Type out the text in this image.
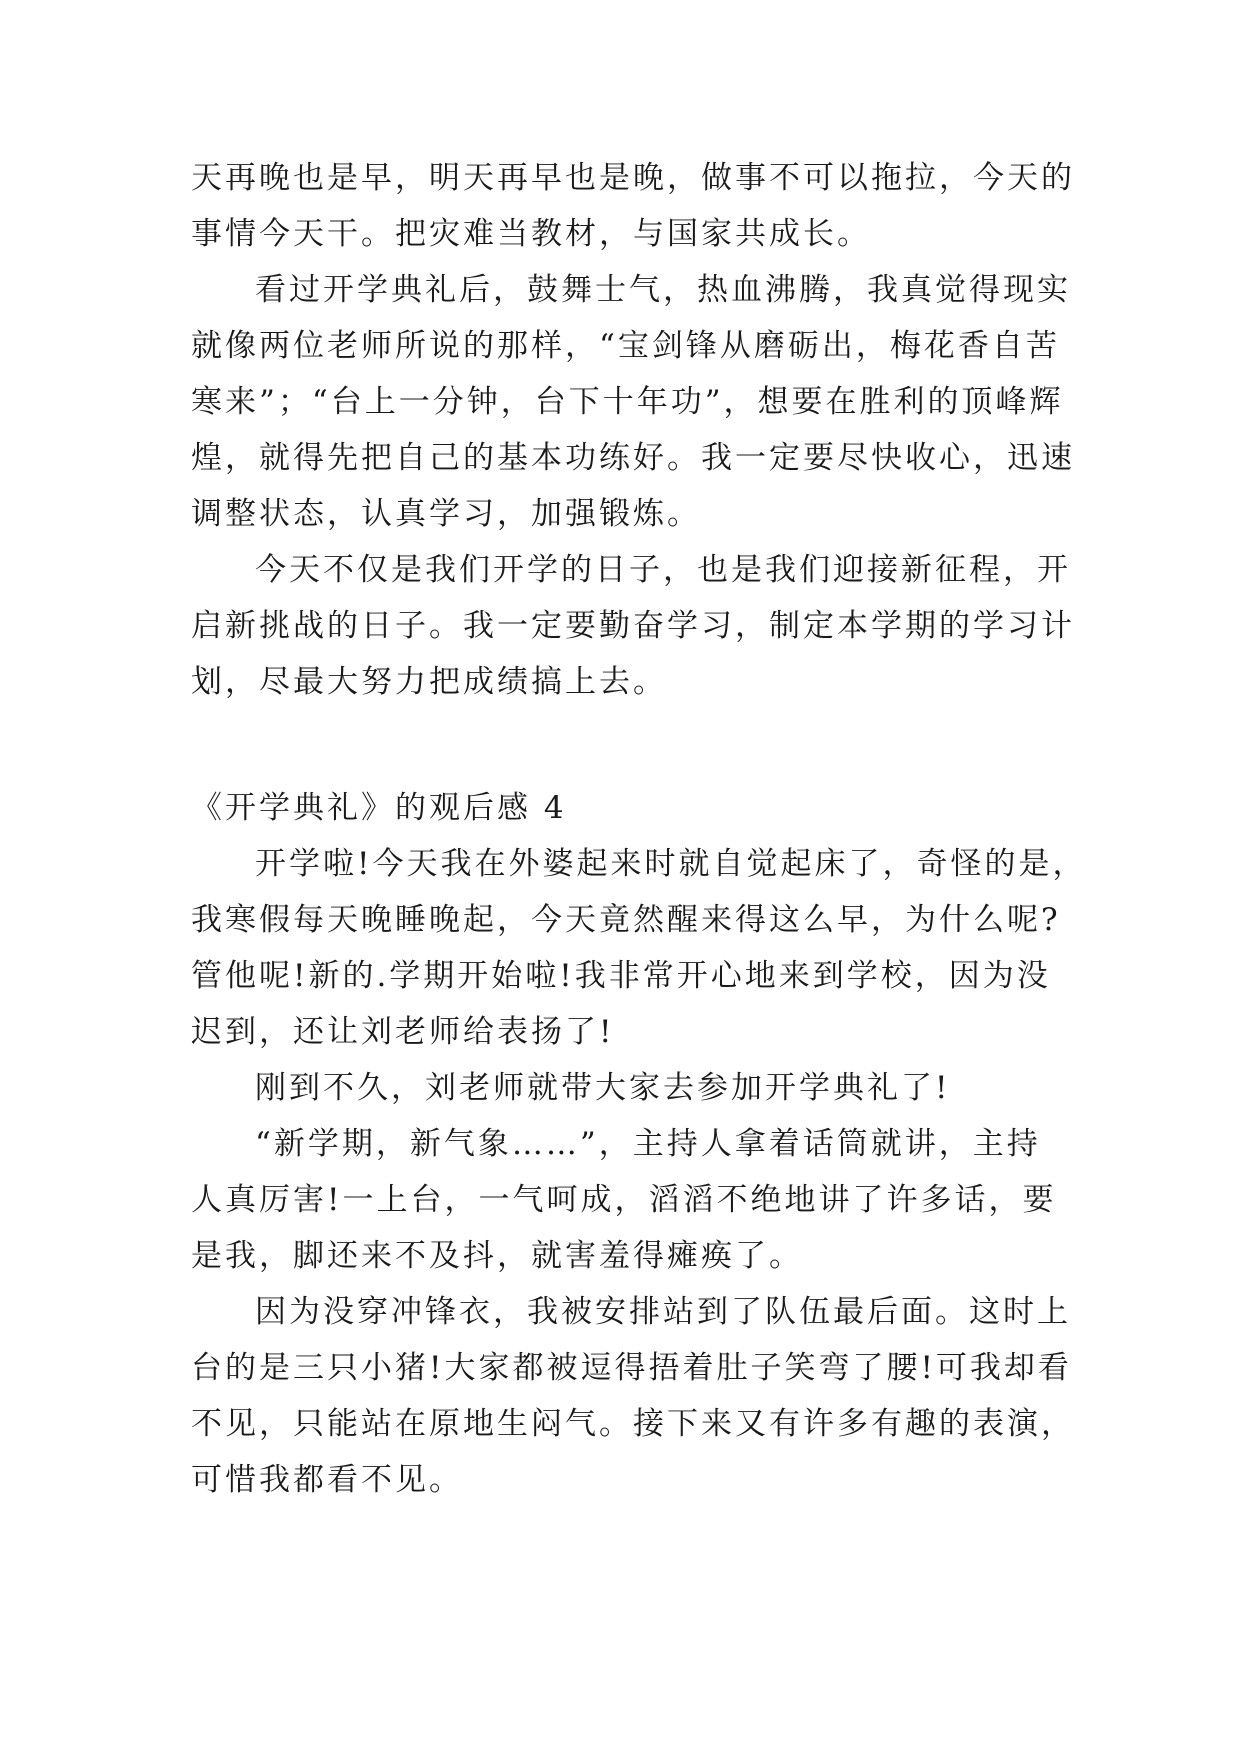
天再晚也是早，明天再早也是晚，做事不可以拖拉，今天的

事情今天干。把灾难当教材，与国家共成长。

看过开学典礼后，鼓舞士气，热血沸腾，我真觉得现实

就像两位老师所说的那样，“宝剑锋从磨砺出，梅花香自苦

寒来”；“台上一分钟，台下十年功”，想要在胜利的顶峰辉

煌，就得先把自己的基本功练好。我一定要尽快收心，迅速

调整状态，认真学习，加强锻炼。

今天不仅是我们开学的日子，也是我们迎接新征程，开

启新挑战的日子。我一定要勤奋学习，制定本学期的学习计

划，尽最大努力把成绩搞上去。

《开学典礼》的观后感 4

开学啦!今天我在外婆起来时就自觉起床了，奇怪的是，

我寒假每天晚睡晚起，今天竟然醒来得这么早，为什么呢?

管他呢!新的.学期开始啦!我非常开心地来到学校，因为没

迟到，还让刘老师给表扬了!

刚到不久，刘老师就带大家去参加开学典礼了!

“新学期，新气象……”，主持人拿着话筒就讲，主持

人真厉害!一上台，一气呵成，滔滔不绝地讲了许多话，要

是我，脚还来不及抖，就害羞得瘫痪了。

因为没穿冲锋衣，我被安排站到了队伍最后面。这时上

台的是三只小猪!大家都被逗得捂着肚子笑弯了腰!可我却看

不见，只能站在原地生闷气。接下来又有许多有趣的表演，

可惜我都看不见。
